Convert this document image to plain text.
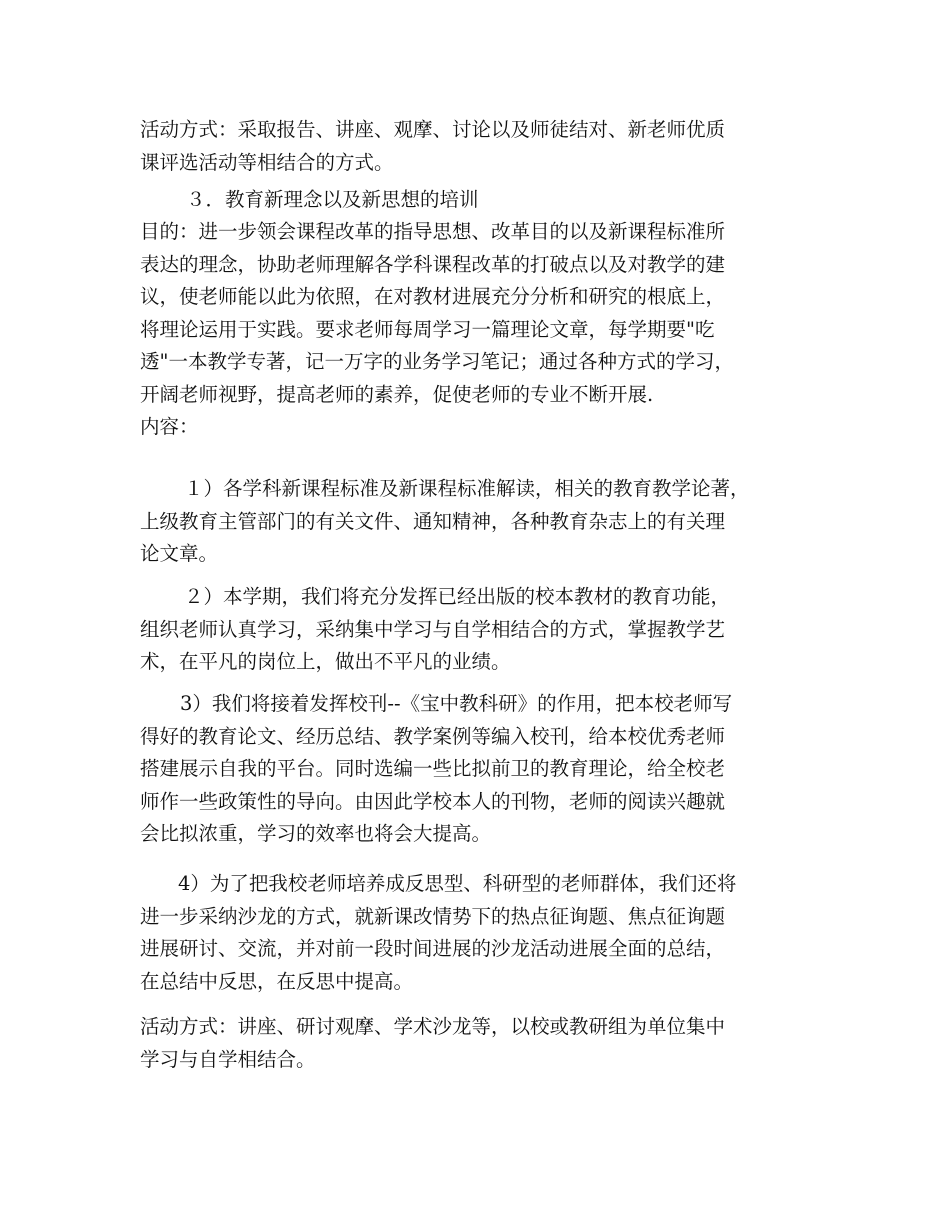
活动方式：采取报告、讲座、观摩、讨论以及师徒结对、新老师优质
课评选活动等相结合的方式。
３．教育新理念以及新思想的培训
目的：进一步领会课程改革的指导思想、改革目的以及新课程标准所
表达的理念，协助老师理解各学科课程改革的打破点以及对教学的建
议，使老师能以此为依照，在对教材进展充分分析和研究的根底上，
将理论运用于实践。要求老师每周学习一篇理论文章，每学期要"吃
透"一本教学专著，记一万字的业务学习笔记；通过各种方式的学习，
开阔老师视野，提高老师的素养，促使老师的专业不断开展.
内容：
１）各学科新课程标准及新课程标准解读，相关的教育教学论著，
上级教育主管部门的有关文件、通知精神，各种教育杂志上的有关理
论文章。
２）本学期，我们将充分发挥已经出版的校本教材的教育功能，
组织老师认真学习，采纳集中学习与自学相结合的方式，掌握教学艺
术，在平凡的岗位上，做出不平凡的业绩。
3）我们将接着发挥校刊--《宝中教科研》的作用，把本校老师写
得好的教育论文、经历总结、教学案例等编入校刊，给本校优秀老师
搭建展示自我的平台。同时选编一些比拟前卫的教育理论，给全校老
师作一些政策性的导向。由因此学校本人的刊物，老师的阅读兴趣就
会比拟浓重，学习的效率也将会大提高。
4）为了把我校老师培养成反思型、科研型的老师群体，我们还将
进一步采纳沙龙的方式，就新课改情势下的热点征询题、焦点征询题
进展研讨、交流，并对前一段时间进展的沙龙活动进展全面的总结，
在总结中反思，在反思中提高。
活动方式：讲座、研讨观摩、学术沙龙等，以校或教研组为单位集中
学习与自学相结合。
